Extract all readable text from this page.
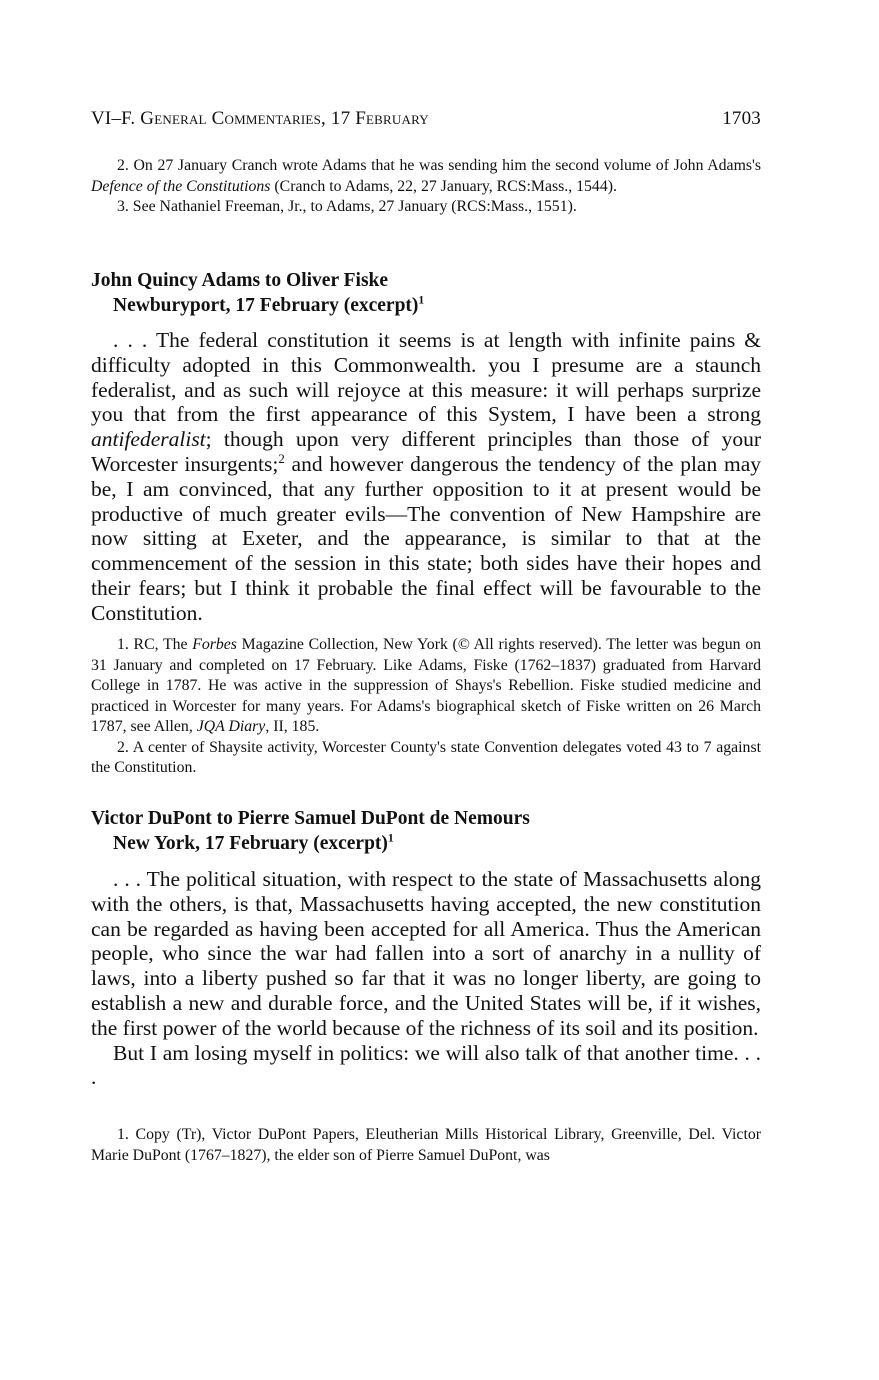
VI–F. General Commentaries, 17 February	1703

2. On 27 January Cranch wrote Adams that he was sending him the second volume of John Adams's Defence of the Constitutions (Cranch to Adams, 22, 27 January, RCS:Mass., 1544).

3. See Nathaniel Freeman, Jr., to Adams, 27 January (RCS:Mass., 1551).

John Quincy Adams to Oliver Fiske
Newburyport, 17 February (excerpt)$^1$

. . . The federal constitution it seems is at length with infinite pains & difficulty adopted in this Commonwealth. you I presume are a staunch federalist, and as such will rejoyce at this measure: it will perhaps surprize you that from the first appearance of this System, I have been a strong antifederalist; though upon very different principles than those of your Worcester insurgents;$^2$ and however dangerous the tendency of the plan may be, I am convinced, that any further opposition to it at present would be productive of much greater evils—The convention of New Hampshire are now sitting at Exeter, and the appearance, is similar to that at the commencement of the session in this state; both sides have their hopes and their fears; but I think it probable the final effect will be favourable to the Constitution.

1. RC, The Forbes Magazine Collection, New York (© All rights reserved). The letter was begun on 31 January and completed on 17 February. Like Adams, Fiske (1762–1837) graduated from Harvard College in 1787. He was active in the suppression of Shays's Rebellion. Fiske studied medicine and practiced in Worcester for many years. For Adams's biographical sketch of Fiske written on 26 March 1787, see Allen, JQA Diary, II, 185.

2. A center of Shaysite activity, Worcester County's state Convention delegates voted 43 to 7 against the Constitution.

Victor DuPont to Pierre Samuel DuPont de Nemours
New York, 17 February (excerpt)$^1$

. . . The political situation, with respect to the state of Massachusetts along with the others, is that, Massachusetts having accepted, the new constitution can be regarded as having been accepted for all America. Thus the American people, who since the war had fallen into a sort of anarchy in a nullity of laws, into a liberty pushed so far that it was no longer liberty, are going to establish a new and durable force, and the United States will be, if it wishes, the first power of the world because of the richness of its soil and its position.

But I am losing myself in politics: we will also talk of that another time. . . .

1. Copy (Tr), Victor DuPont Papers, Eleutherian Mills Historical Library, Greenville, Del. Victor Marie DuPont (1767–1827), the elder son of Pierre Samuel DuPont, was
